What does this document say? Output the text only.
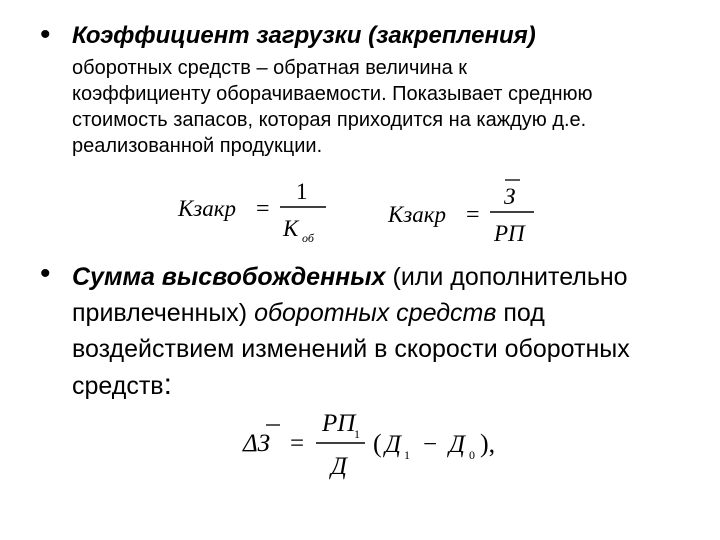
• Коэффициент загрузки (закрепления)
оборотных средств – обратная величина к
коэффициенту оборачиваемости. Показывает среднюю
стоимость запасов, которая приходится на каждую д.е.
реализованной продукции.
Кзакр =
1
К об
Кзакр =
З
РП
• Сумма высвобожденных (или дополнительно привлеченных) оборотных средств под воздействием изменений в скорости оборотных средств:
ΔЗ =
РП
1
Д
( Д 1 − Д 0 ),
